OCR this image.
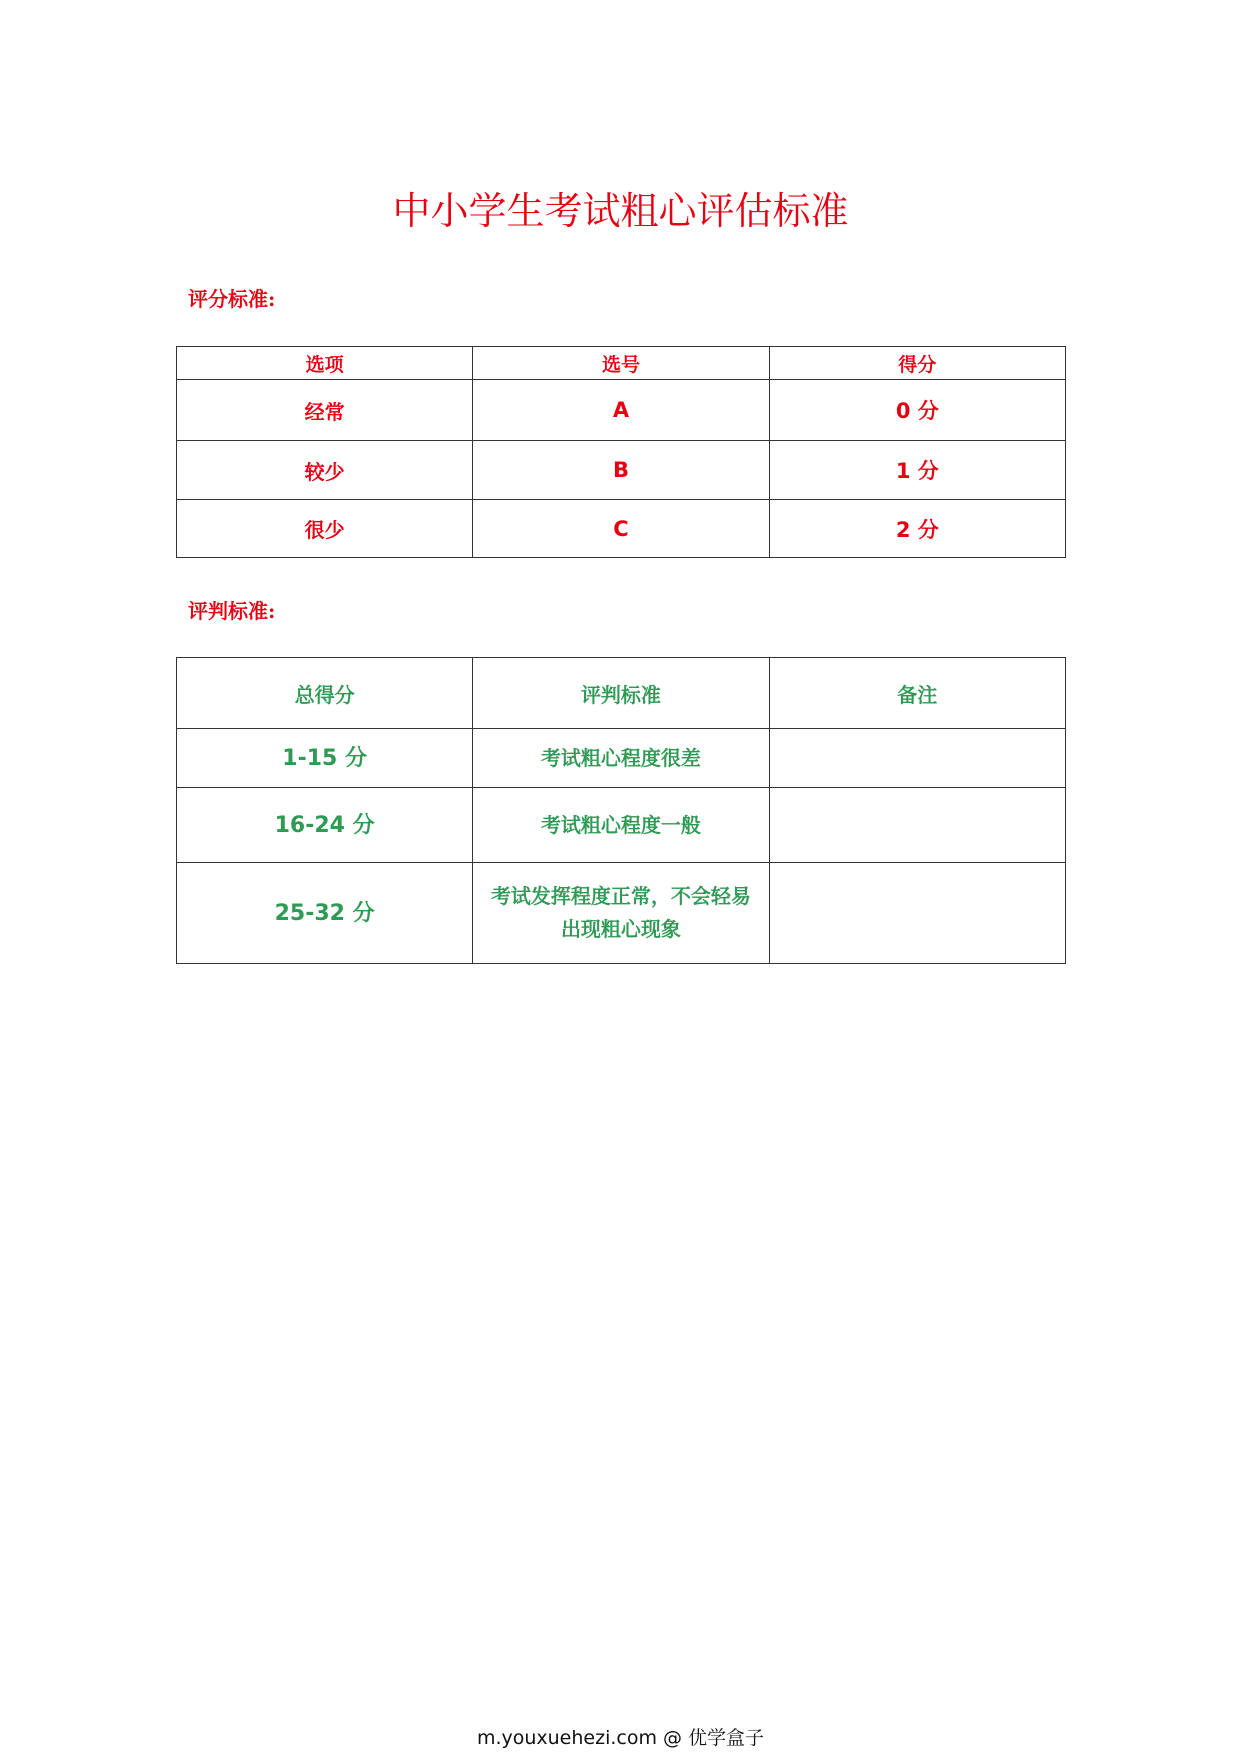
中小学生考试粗心评估标准

评分标准:

选项	选号	得分
经常	A	0 分
较少	B	1 分
很少	C	2 分

评判标准:

总得分	评判标准	备注
1-15 分	考试粗心程度很差	
16-24 分	考试粗心程度一般	
25-32 分	考试发挥程度正常，不会轻易出现粗心现象	
m.youxuehezi.com @ 优学盒子
